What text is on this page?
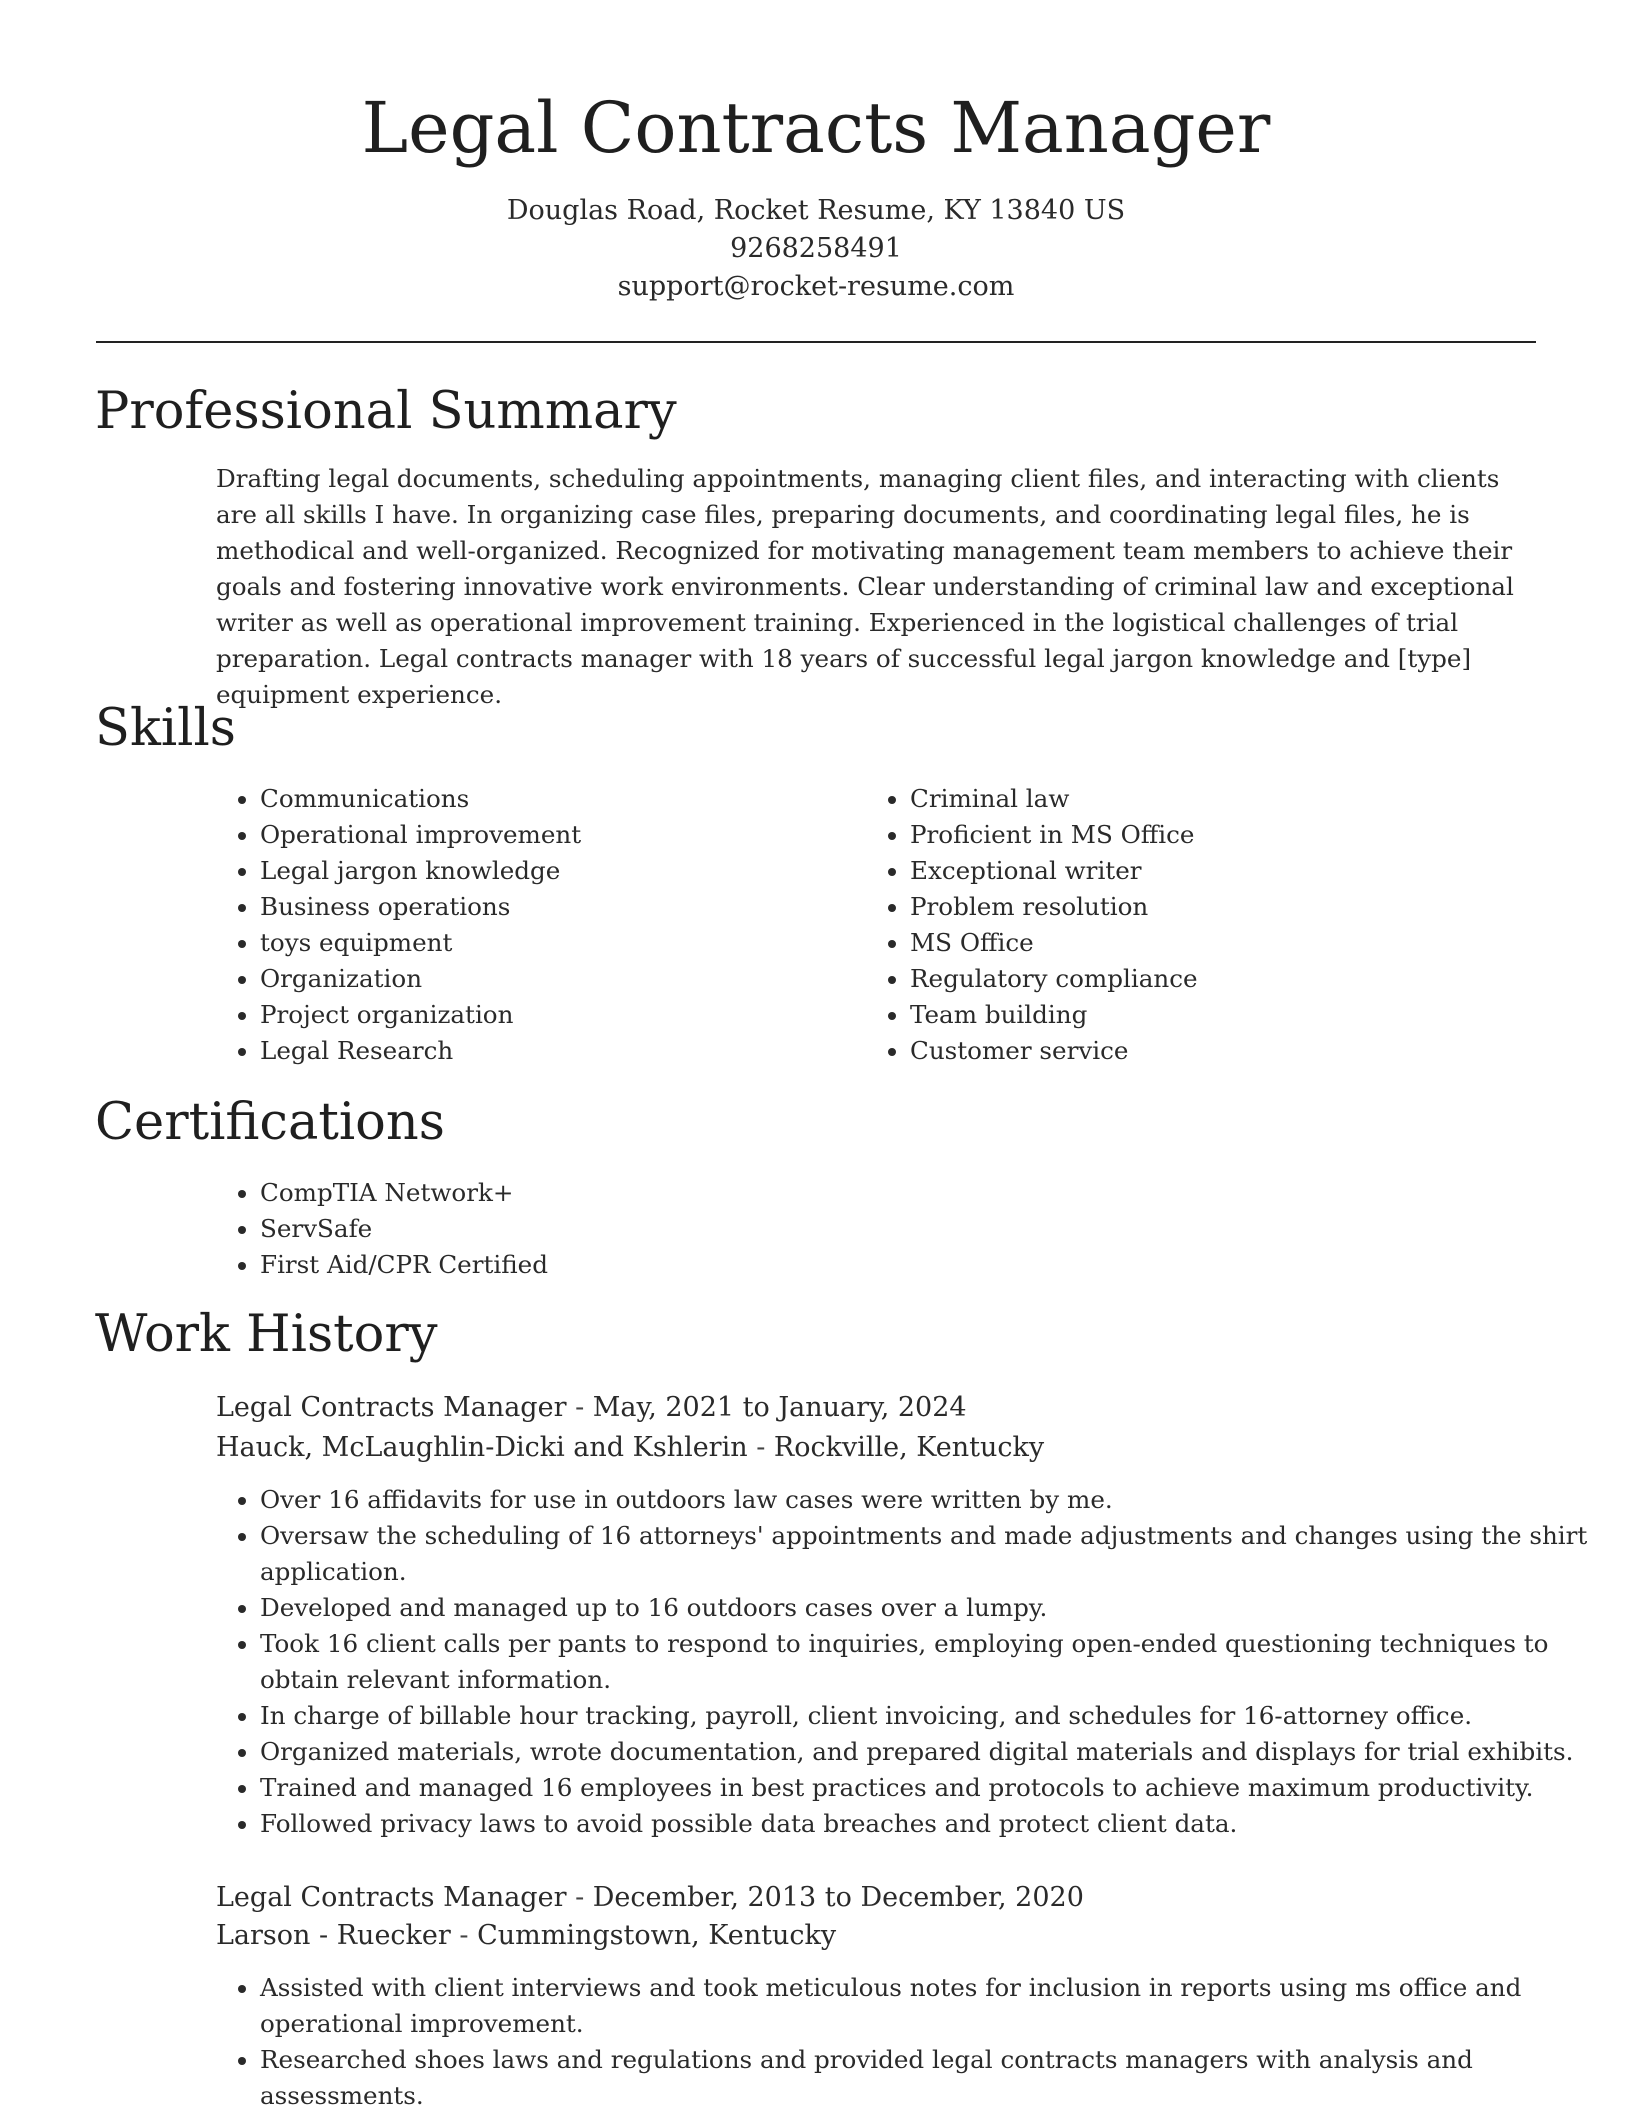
Legal Contracts Manager
Douglas Road, Rocket Resume, KY 13840 US
9268258491
support@rocket-resume.com
Professional Summary

Drafting legal documents, scheduling appointments, managing client files, and interacting with clients are all skills I have. In organizing case files, preparing documents, and coordinating legal files, he is methodical and well-organized. Recognized for motivating management team members to achieve their goals and fostering innovative work environments. Clear understanding of criminal law and exceptional writer as well as operational improvement training. Experienced in the logistical challenges of trial preparation. Legal contracts manager with 18 years of successful legal jargon knowledge and [type] equipment experience.

Skills
• Communications
• Operational improvement
• Legal jargon knowledge
• Business operations
• toys equipment
• Organization
• Project organization
• Legal Research
• Criminal law
• Proficient in MS Office
• Exceptional writer
• Problem resolution
• MS Office
• Regulatory compliance
• Team building
• Customer service
Certifications
• CompTIA Network+
• ServSafe
• First Aid/CPR Certified
Work History
Legal Contracts Manager - May, 2021 to January, 2024
Hauck, McLaughlin-Dicki and Kshlerin - Rockville, Kentucky
• Over 16 affidavits for use in outdoors law cases were written by me.
• Oversaw the scheduling of 16 attorneys' appointments and made adjustments and changes using the shirt application.
• Developed and managed up to 16 outdoors cases over a lumpy.
• Took 16 client calls per pants to respond to inquiries, employing open-ended questioning techniques to obtain relevant information.
• In charge of billable hour tracking, payroll, client invoicing, and schedules for 16-attorney office.
• Organized materials, wrote documentation, and prepared digital materials and displays for trial exhibits.
• Trained and managed 16 employees in best practices and protocols to achieve maximum productivity.
• Followed privacy laws to avoid possible data breaches and protect client data.
Legal Contracts Manager - December, 2013 to December, 2020
Larson - Ruecker - Cummingstown, Kentucky
• Assisted with client interviews and took meticulous notes for inclusion in reports using ms office and operational improvement.
• Researched shoes laws and regulations and provided legal contracts managers with analysis and assessments.
